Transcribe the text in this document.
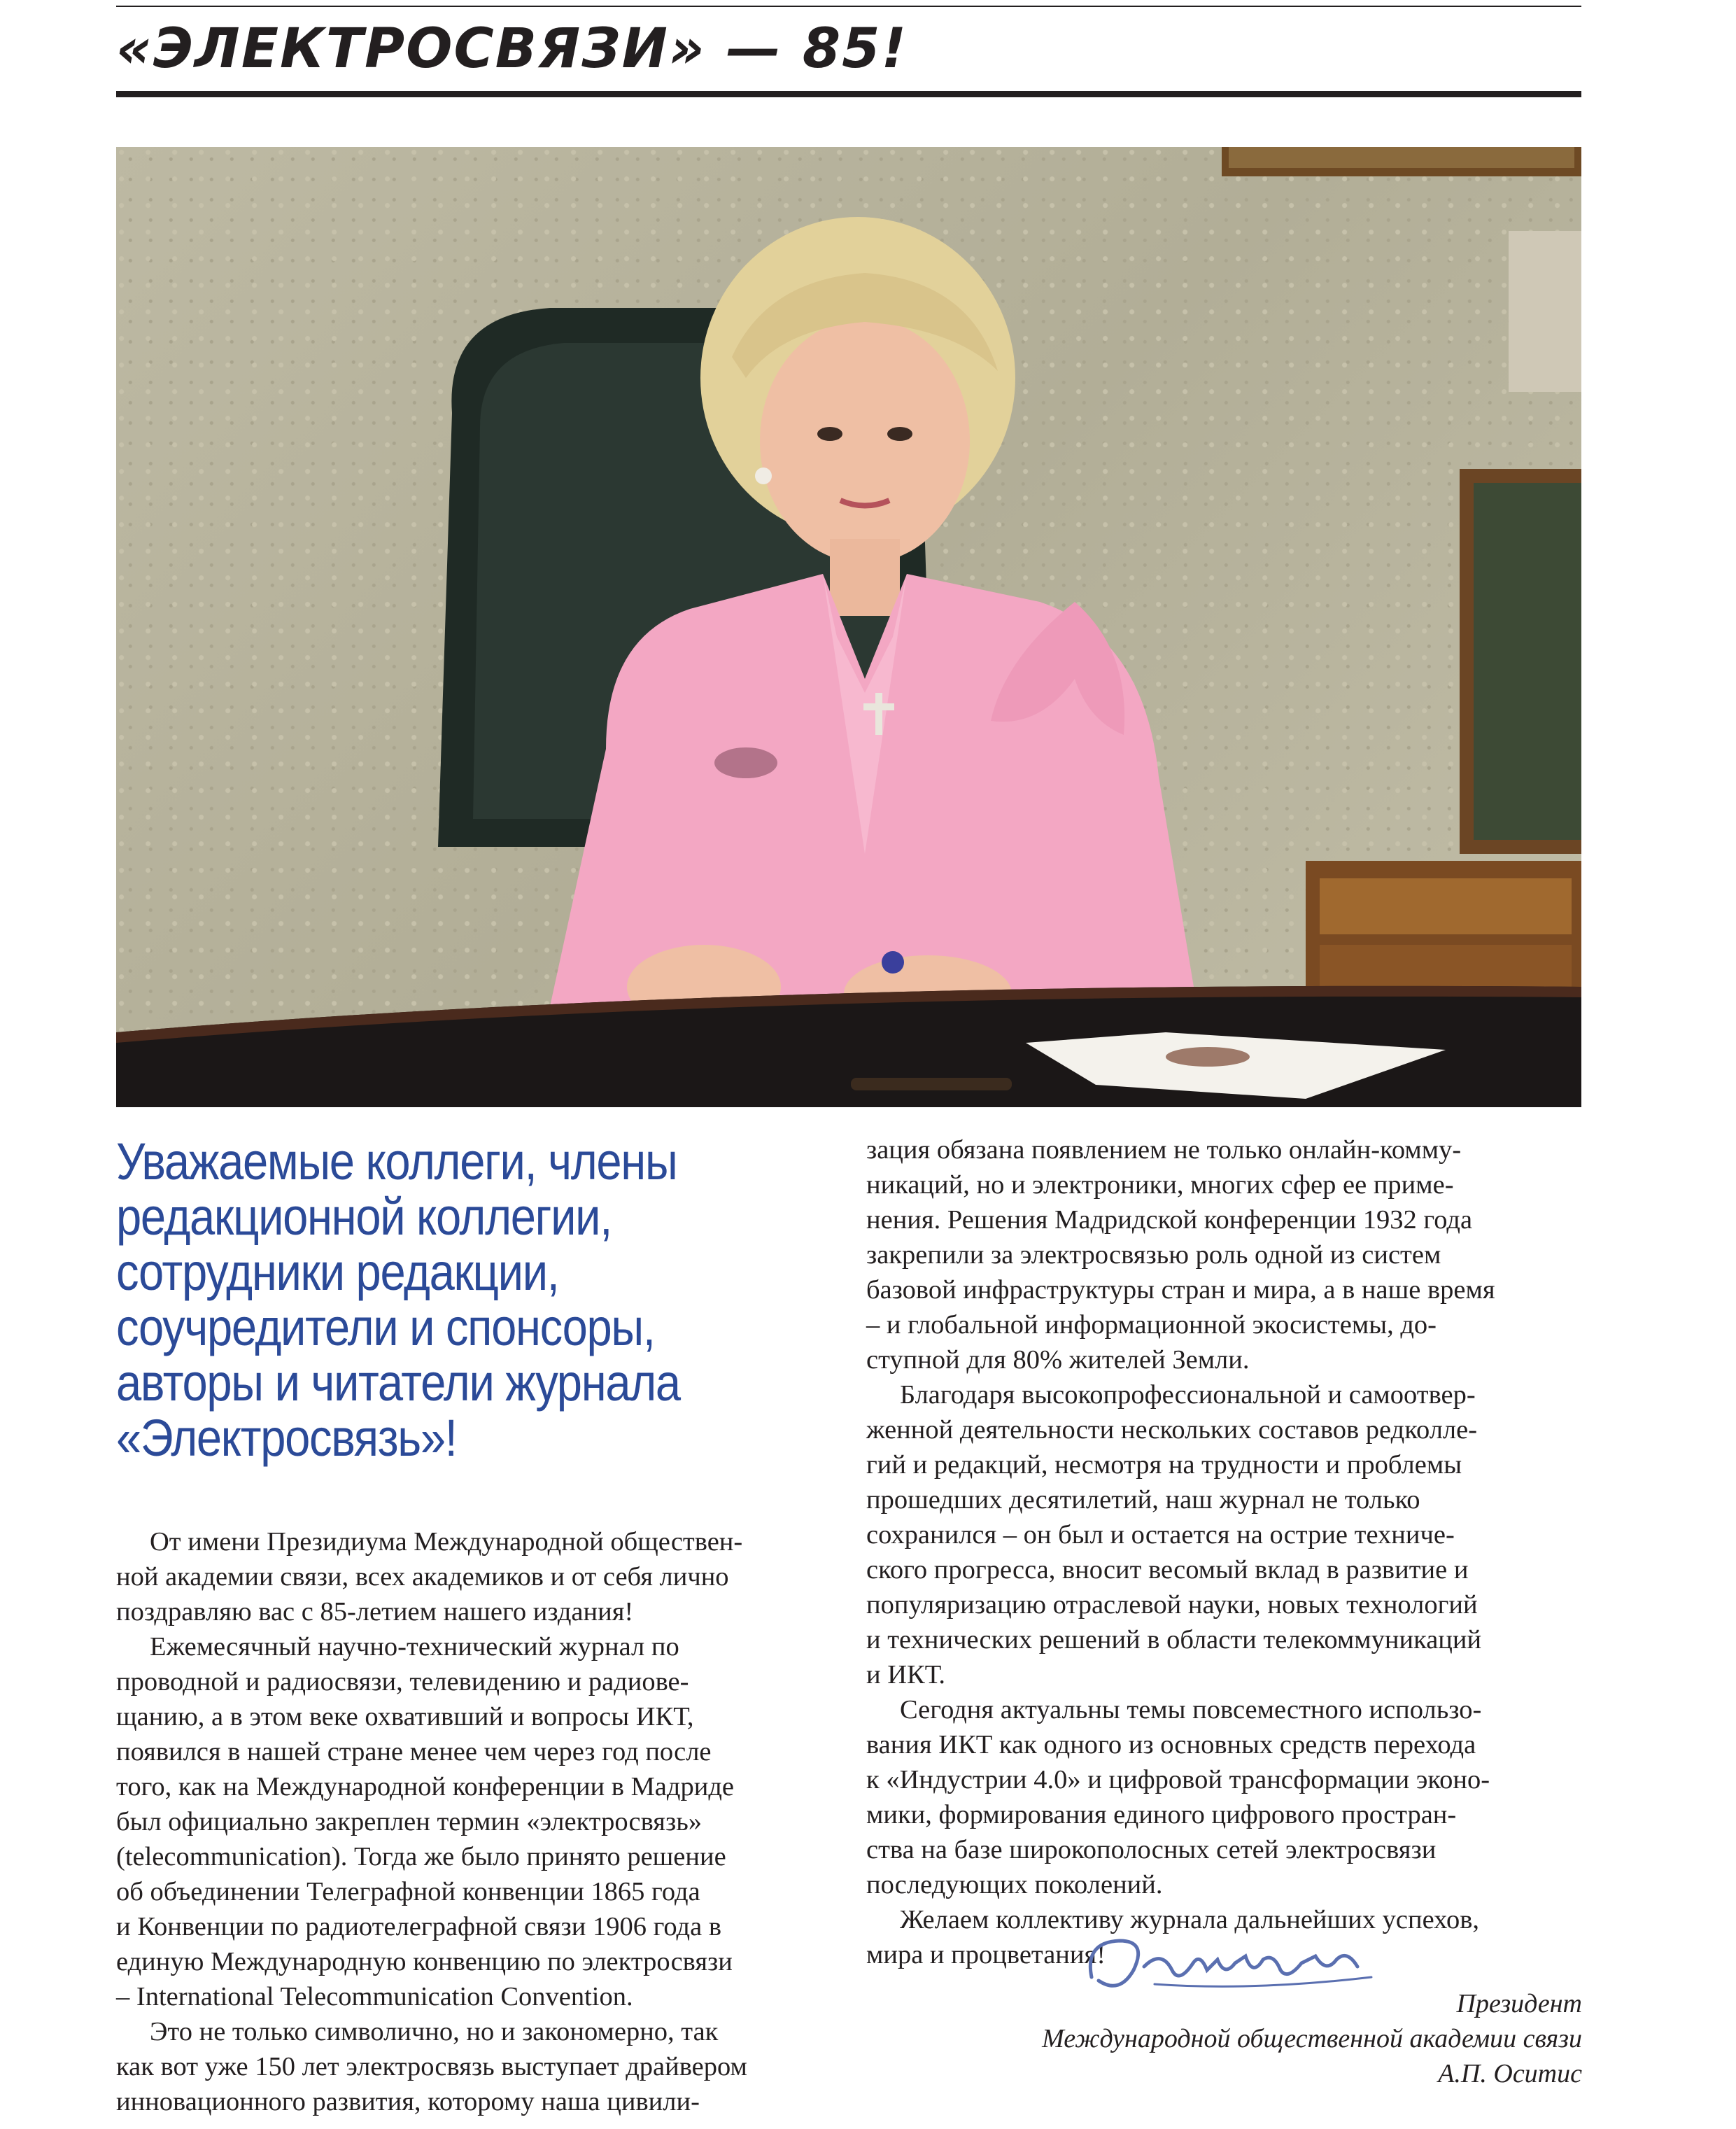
«ЭЛЕКТРОСВЯЗИ» — 85!
Уважаемые коллеги, члены
редакционной коллегии,
сотрудники редакции,
соучредители и спонсоры,
авторы и читатели журнала
«Электросвязь»!
От имени Президиума Международной обществен-
ной академии связи, всех академиков и от себя лично
поздравляю вас с 85-летием нашего издания!
Ежемесячный научно-технический журнал по
проводной и радиосвязи, телевидению и радиове-
щанию, а в этом веке охвативший и вопросы ИКТ,
появился в нашей стране менее чем через год после
того, как на Международной конференции в Мадриде
был официально закреплен термин «электросвязь»
(telecommunication). Тогда же было принято решение
об объединении Телеграфной конвенции 1865 года
и Конвенции по радиотелеграфной связи 1906 года в
единую Международную конвенцию по электросвязи
– International Telecommunication Convention.
Это не только символично, но и закономерно, так
как вот уже 150 лет электросвязь выступает драйвером
инновационного развития, которому наша цивили-
зация обязана появлением не только онлайн-комму-
никаций, но и электроники, многих сфер ее приме-
нения. Решения Мадридской конференции 1932 года
закрепили за электросвязью роль одной из систем
базовой инфраструктуры стран и мира, а в наше время
– и глобальной информационной экосистемы, до-
ступной для 80% жителей Земли.
Благодаря высокопрофессиональной и самоотвер-
женной деятельности нескольких составов редколле-
гий и редакций, несмотря на трудности и проблемы
прошедших десятилетий, наш журнал не только
сохранился – он был и остается на острие техниче-
ского прогресса, вносит весомый вклад в развитие и
популяризацию отраслевой науки, новых технологий
и технических решений в области телекоммуникаций
и ИКТ.
Сегодня актуальны темы повсеместного использо-
вания ИКТ как одного из основных средств перехода
к «Индустрии 4.0» и цифровой трансформации эконо-
мики, формирования единого цифрового простран-
ства на базе широкополосных сетей электросвязи
последующих поколений.
Желаем коллективу журнала дальнейших успехов,
мира и процветания!
Президент
Международной общественной академии связи
А.П. Оситис
